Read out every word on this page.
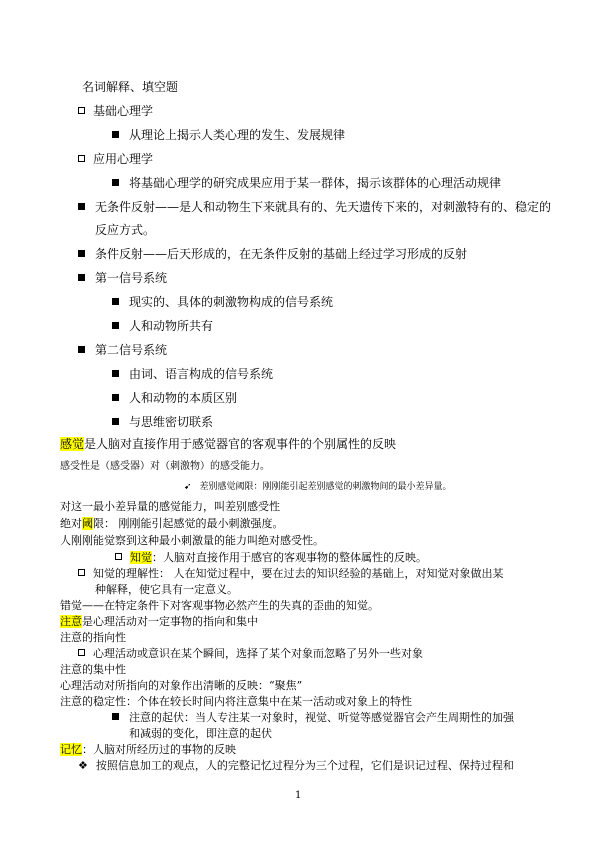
名词解释、填空题
基础心理学
从理论上揭示人类心理的发生、发展规律
应用心理学
将基础心理学的研究成果应用于某一群体，揭示该群体的心理活动规律
无条件反射——是人和动物生下来就具有的、先天遗传下来的，对刺激特有的、稳定的
反应方式。
条件反射——后天形成的，在无条件反射的基础上经过学习形成的反射
第一信号系统
现实的、具体的刺激物构成的信号系统
人和动物所共有
第二信号系统
由词、语言构成的信号系统
人和动物的本质区别
与思维密切联系
感觉是人脑对直接作用于感觉器官的客观事件的个别属性的反映
感受性是（感受器）对（刺激物）的感受能力。
➹ 差别感觉阈限：刚刚能引起差别感觉的刺激物间的最小差异量。
对这一最小差异量的感觉能力，叫差别感受性
绝对阈限： 刚刚能引起感觉的最小刺激强度。
人刚刚能觉察到这种最小刺激量的能力叫绝对感受性。
知觉：人脑对直接作用于感官的客观事物的整体属性的反映。
知觉的理解性： 人在知觉过程中，要在过去的知识经验的基础上，对知觉对象做出某
种解释，使它具有一定意义。
错觉——在特定条件下对客观事物必然产生的失真的歪曲的知觉。
注意是心理活动对一定事物的指向和集中
注意的指向性
心理活动或意识在某个瞬间，选择了某个对象而忽略了另外一些对象
注意的集中性
心理活动对所指向的对象作出清晰的反映：“聚焦”
注意的稳定性：个体在较长时间内将注意集中在某一活动或对象上的特性
注意的起伏：当人专注某一对象时，视觉、听觉等感觉器官会产生周期性的加强
和减弱的变化，即注意的起伏
记忆：人脑对所经历过的事物的反映
❖ 按照信息加工的观点，人的完整记忆过程分为三个过程，它们是识记过程、保持过程和
1
